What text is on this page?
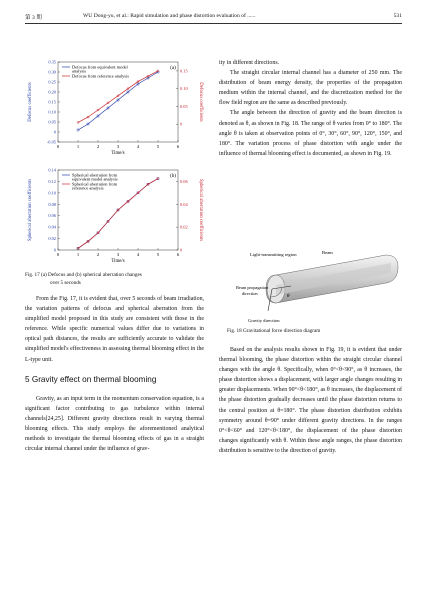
第 3 期	WU Dong-yu, et al.: Rapid simulation and phase distortion evaluation of ......	531
0	1	2	3	4	5	6
Time/s
-0.05
0
0.05
0.10
0.15
0.20
0.25
0.30
0.35
0
0.05
0.10
0.15
Defocus coefficients	Defocus coefficients
(a)
Defocus from equivalent model
analysis
Defocus from reference analysis
0	1	2	3	4	5	6
Time/s
0
0.02
0.04
0.06
0.08
0.10
0.12
0.14
0
0.02
0.04
0.06
Spherical aberration coefficients	Spherical aberration coefficients
(b)
Spherical aberration from
equivalent model analysis
Spherical aberration from
reference analysis
Fig. 17 (a) Defocus and (b) spherical aberration changes
over 5 seconds

From the Fig. 17, it is evident that, over 5 seconds of beam irradiation, the variation patterns of defocus and spherical aberration from the simplified model proposed in this study are consistent with those in the reference. While specific numerical values differ due to variations in optical path distances, the results are sufficiently accurate to validate the simplified model's effectiveness in assessing thermal blooming effect in the L-type unit.

5 Gravity effect on thermal blooming

Gravity, as an input term in the momentum conservation equation, is a significant factor contributing to gas turbulence within internal channels[24,25]. Different gravity directions result in varying thermal blooming effects. This study employs the aforementioned analytical methods to investigate the thermal blooming effects of gas in a straight circular internal channel under the influence of grav-

ity in different directions.

The straight circular internal channel has a diameter of 250 mm. The distribution of beam energy density, the properties of the propagation medium within the internal channel, and the discretization method for the flow field region are the same as described previously.

The angle between the direction of gravity and the beam direction is denoted as θ, as shown in Fig. 18. The range of θ varies from 0° to 180°. The angle θ is taken at observation points of 0°, 30°, 60°, 90°, 120°, 150°, and 180°. The variation process of phase distortion with angle under the influence of thermal blooming effect is documented, as shown in Fig. 19.

Light-transmitting region	Beam
Beam propagation
direction
Gravity direction
θ
Fig. 18 Gravitational force direction diagram

Based on the analysis results shown in Fig. 19, it is evident that under thermal blooming, the phase distortion within the straight circular channel changes with the angle θ. Specifically, when 0°<θ<90°, as θ increases, the phase distortion shows a displacement, with larger angle changes resulting in greater displacements. When 90°<θ<180°, as θ increases, the displacement of the phase distortion gradually decreases until the phase distortion returns to the central position at θ=180°. The phase distortion distribution exhibits symmetry around θ=90° under different gravity directions. In the ranges 0°<θ<60° and 120°<θ<180°, the displacement of the phase distortion changes significantly with θ. Within these angle ranges, the phase distortion distribution is sensitive to the direction of gravity.
